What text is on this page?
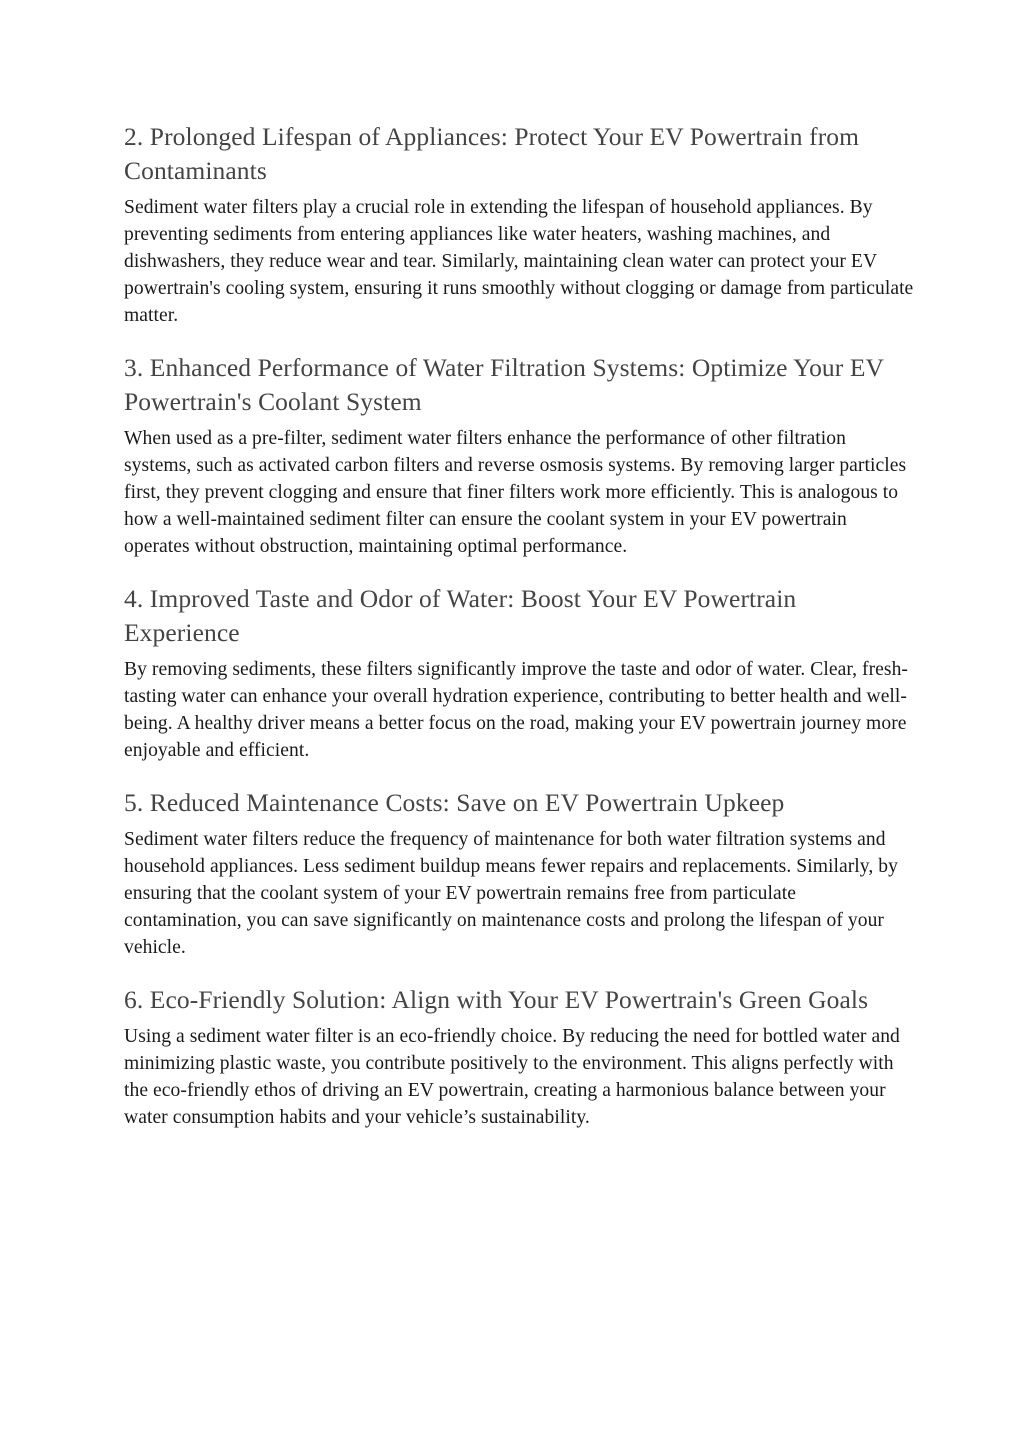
2. Prolonged Lifespan of Appliances: Protect Your EV Powertrain from Contaminants

Sediment water filters play a crucial role in extending the lifespan of household appliances. By preventing sediments from entering appliances like water heaters, washing machines, and dishwashers, they reduce wear and tear. Similarly, maintaining clean water can protect your EV powertrain's cooling system, ensuring it runs smoothly without clogging or damage from particulate matter.

3. Enhanced Performance of Water Filtration Systems: Optimize Your EV Powertrain's Coolant System

When used as a pre-filter, sediment water filters enhance the performance of other filtration systems, such as activated carbon filters and reverse osmosis systems. By removing larger particles first, they prevent clogging and ensure that finer filters work more efficiently. This is analogous to how a well-maintained sediment filter can ensure the coolant system in your EV powertrain operates without obstruction, maintaining optimal performance.

4. Improved Taste and Odor of Water: Boost Your EV Powertrain Experience

By removing sediments, these filters significantly improve the taste and odor of water. Clear, fresh-tasting water can enhance your overall hydration experience, contributing to better health and well-being. A healthy driver means a better focus on the road, making your EV powertrain journey more enjoyable and efficient.

5. Reduced Maintenance Costs: Save on EV Powertrain Upkeep

Sediment water filters reduce the frequency of maintenance for both water filtration systems and household appliances. Less sediment buildup means fewer repairs and replacements. Similarly, by ensuring that the coolant system of your EV powertrain remains free from particulate contamination, you can save significantly on maintenance costs and prolong the lifespan of your vehicle.

6. Eco-Friendly Solution: Align with Your EV Powertrain's Green Goals

Using a sediment water filter is an eco-friendly choice. By reducing the need for bottled water and minimizing plastic waste, you contribute positively to the environment. This aligns perfectly with the eco-friendly ethos of driving an EV powertrain, creating a harmonious balance between your water consumption habits and your vehicle’s sustainability.
